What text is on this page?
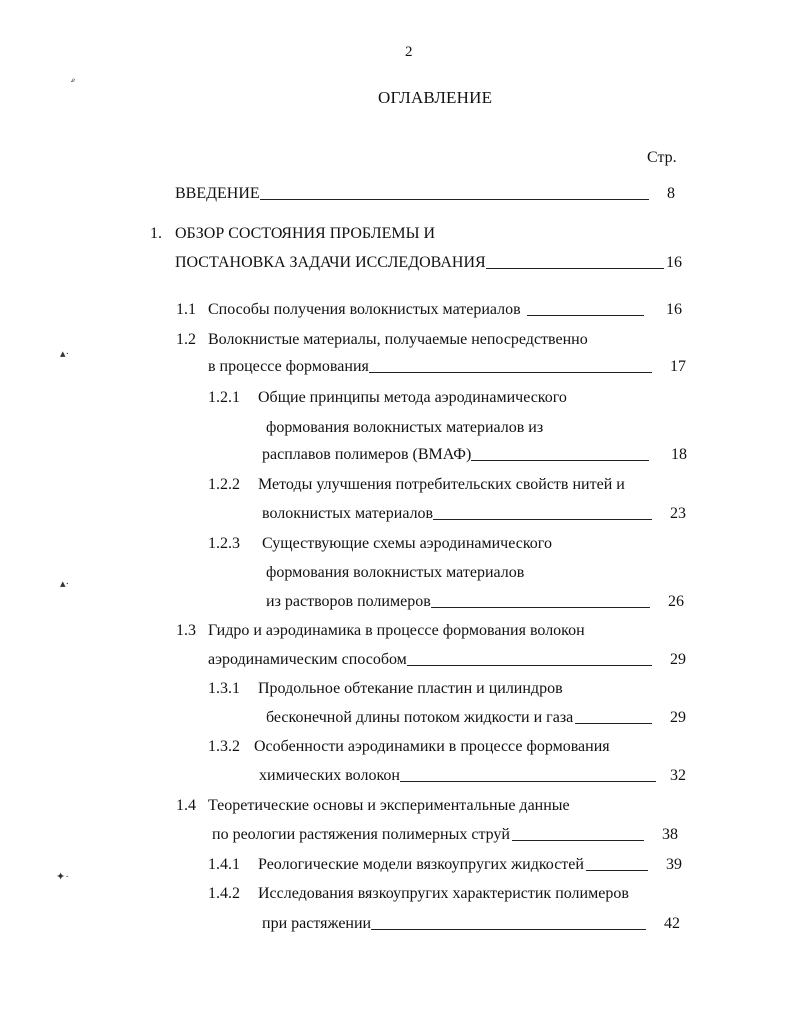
·ͤ
▴·
▴·
✦·
2
ОГЛАВЛЕНИЕ
Стр.
ВВЕДЕНИЕ	8
1. ОБЗОР СОСТОЯНИЯ ПРОБЛЕМЫ И
ПОСТАНОВКА ЗАДАЧИ ИССЛЕДОВАНИЯ	16
1.1 Способы получения волокнистых материалов	16
1.2 Волокнистые материалы, получаемые непосредственно
в процессе формования	17
1.2.1 Общие принципы метода аэродинамического
формования волокнистых материалов из
расплавов полимеров (ВМАФ)	18
1.2.2 Методы улучшения потребительских свойств нитей и
волокнистых материалов	23
1.2.3 Существующие схемы аэродинамического
формования волокнистых материалов
из растворов полимеров	26
1.3 Гидро и аэродинамика в процессе формования волокон
аэродинамическим способом	29
1.3.1 Продольное обтекание пластин и цилиндров
бесконечной длины потоком жидкости и газа	29
1.3.2 Особенности аэродинамики в процессе формования
химических волокон	32
1.4 Теоретические основы и экспериментальные данные
по реологии растяжения полимерных струй	38
1.4.1 Реологические модели вязкоупругих жидкостей	39
1.4.2 Исследования вязкоупругих характеристик полимеров
при растяжении	42
